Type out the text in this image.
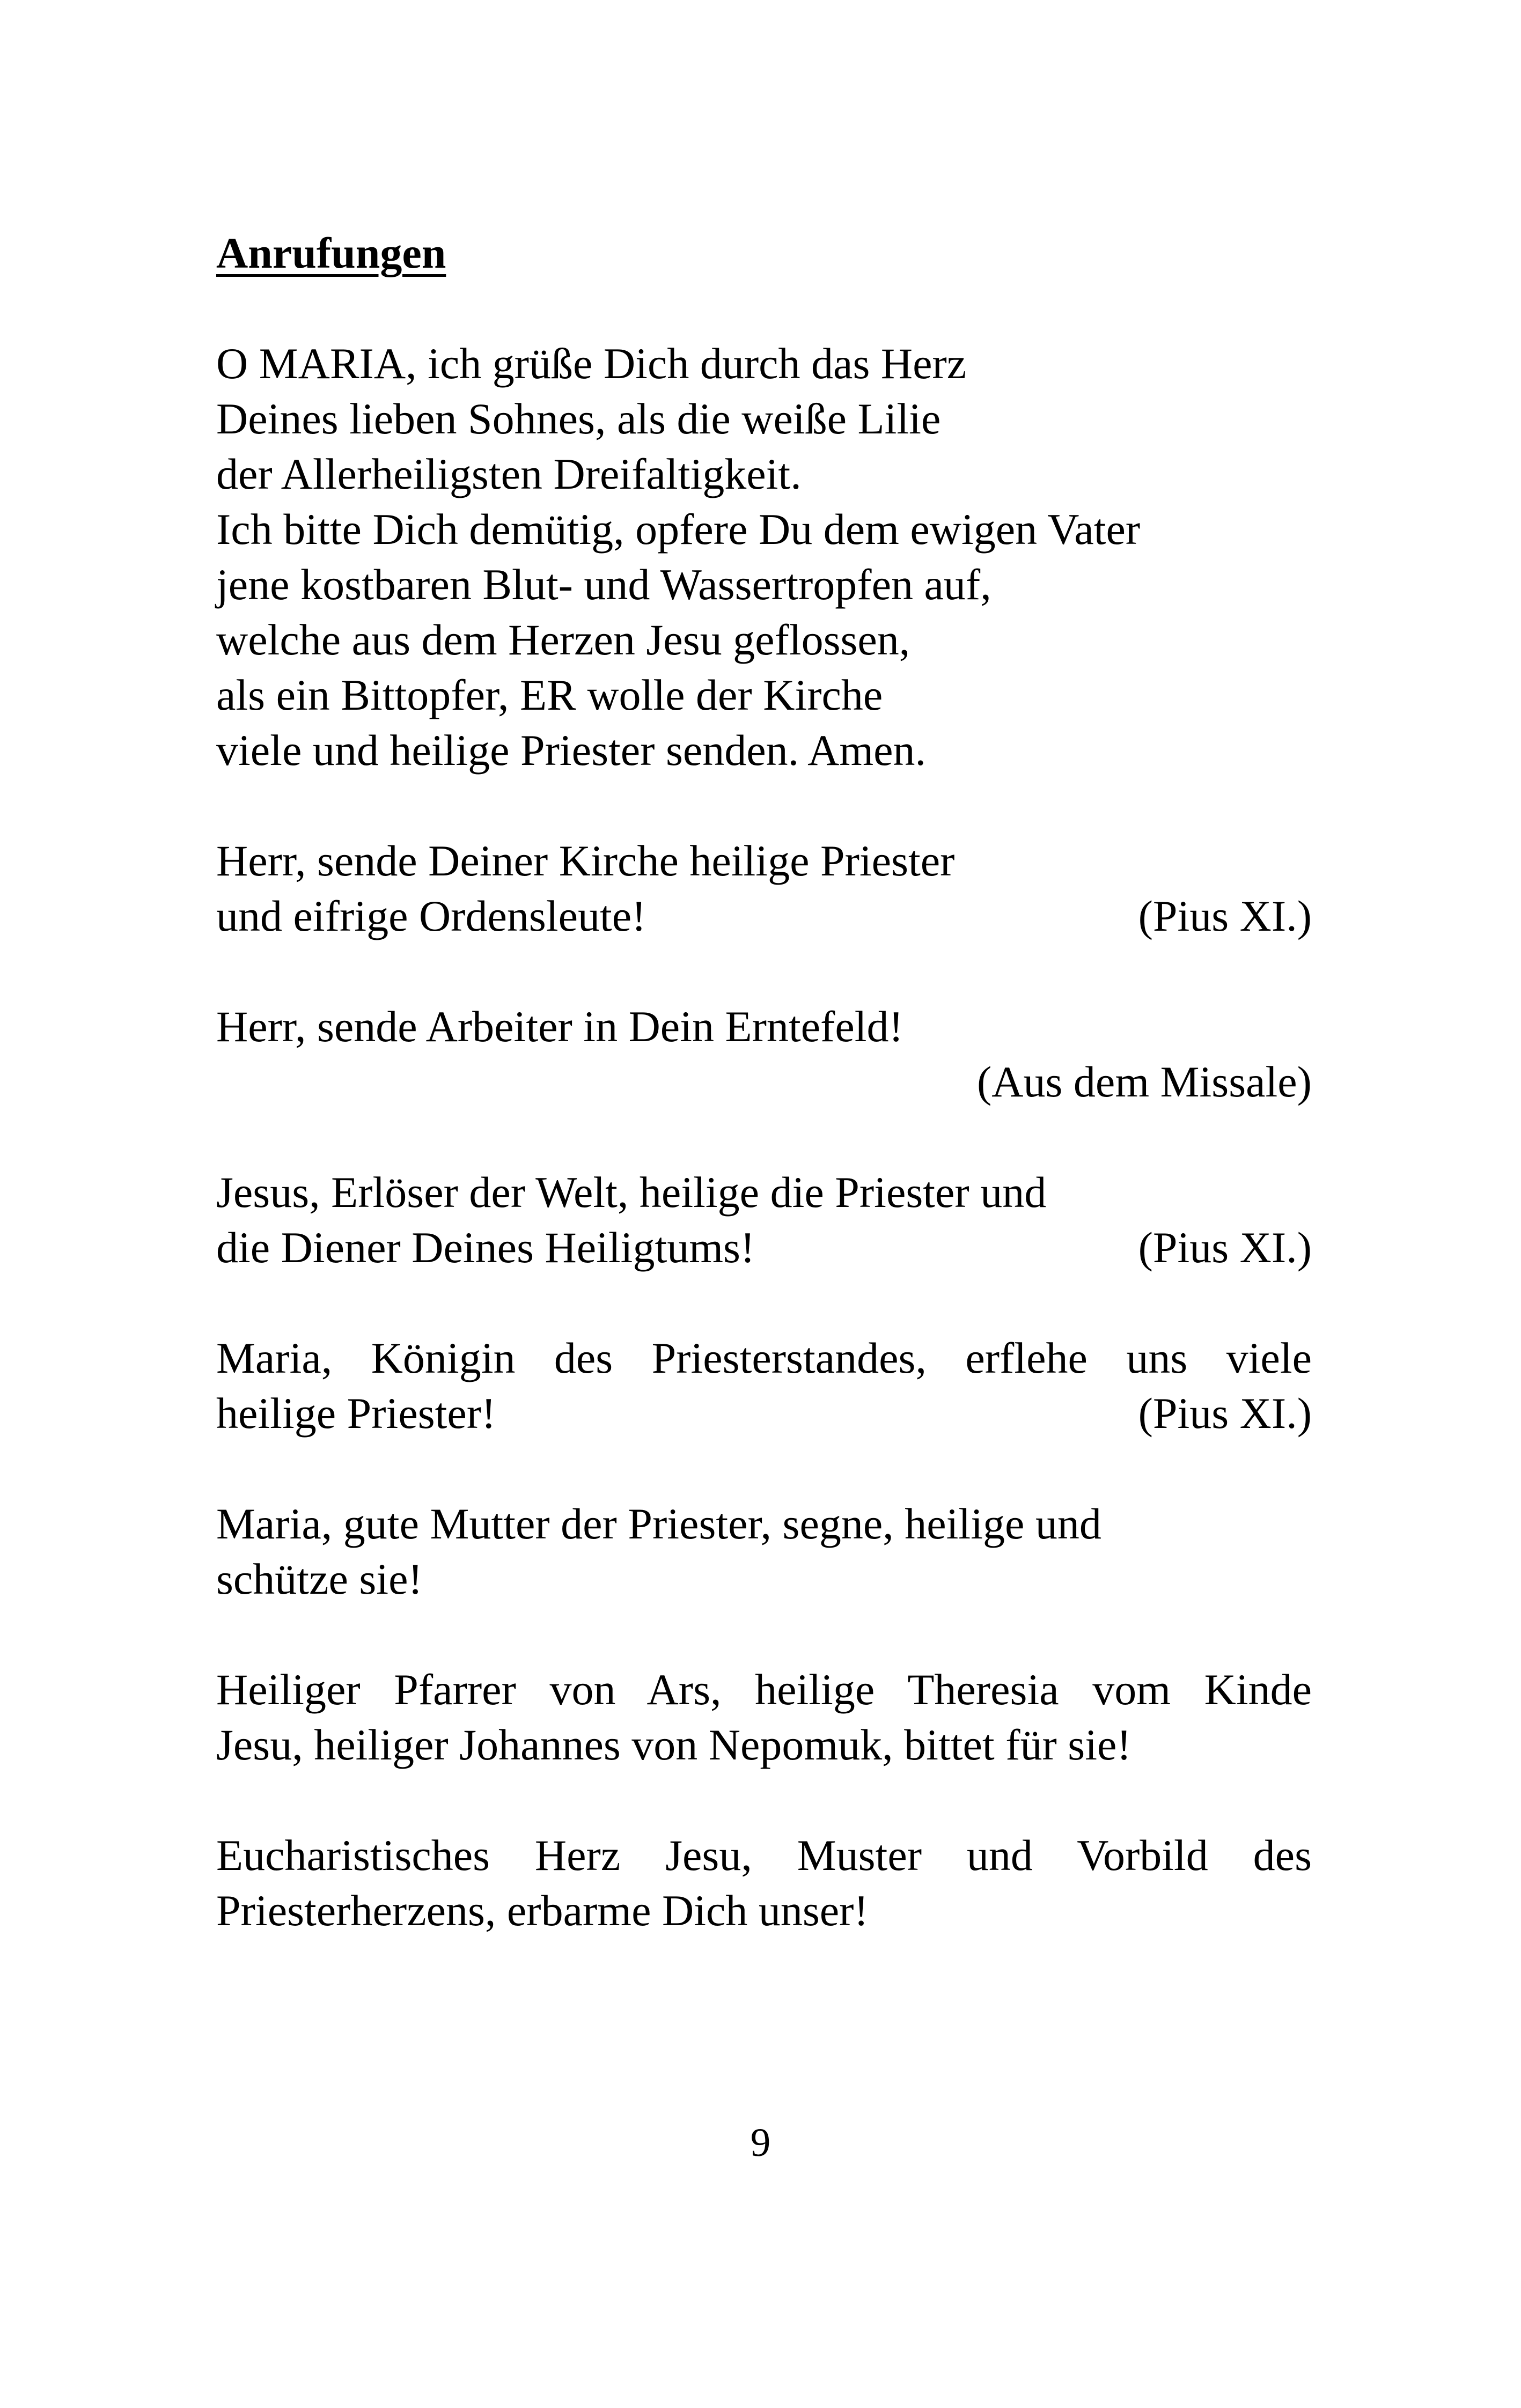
Anrufungen

O MARIA, ich grüße Dich durch das Herz
Deines lieben Sohnes, als die weiße Lilie
der Allerheiligsten Dreifaltigkeit.
Ich bitte Dich demütig, opfere Du dem ewigen Vater
jene kostbaren Blut- und Wassertropfen auf,
welche aus dem Herzen Jesu geflossen,
als ein Bittopfer, ER wolle der Kirche
viele und heilige Priester senden. Amen.

Herr, sende Deiner Kirche heilige Priester
und eifrige Ordensleute!	(Pius XI.)

Herr, sende Arbeiter in Dein Erntefeld!
(Aus dem Missale)

Jesus, Erlöser der Welt, heilige die Priester und
die Diener Deines Heiligtums!	(Pius XI.)

Maria, Königin des Priesterstandes, erflehe uns viele
heilige Priester!	(Pius XI.)

Maria, gute Mutter der Priester, segne, heilige und
schütze sie!

Heiliger Pfarrer von Ars, heilige Theresia vom Kinde
Jesu, heiliger Johannes von Nepomuk, bittet für sie!

Eucharistisches Herz Jesu, Muster und Vorbild des
Priesterherzens, erbarme Dich unser!

9
